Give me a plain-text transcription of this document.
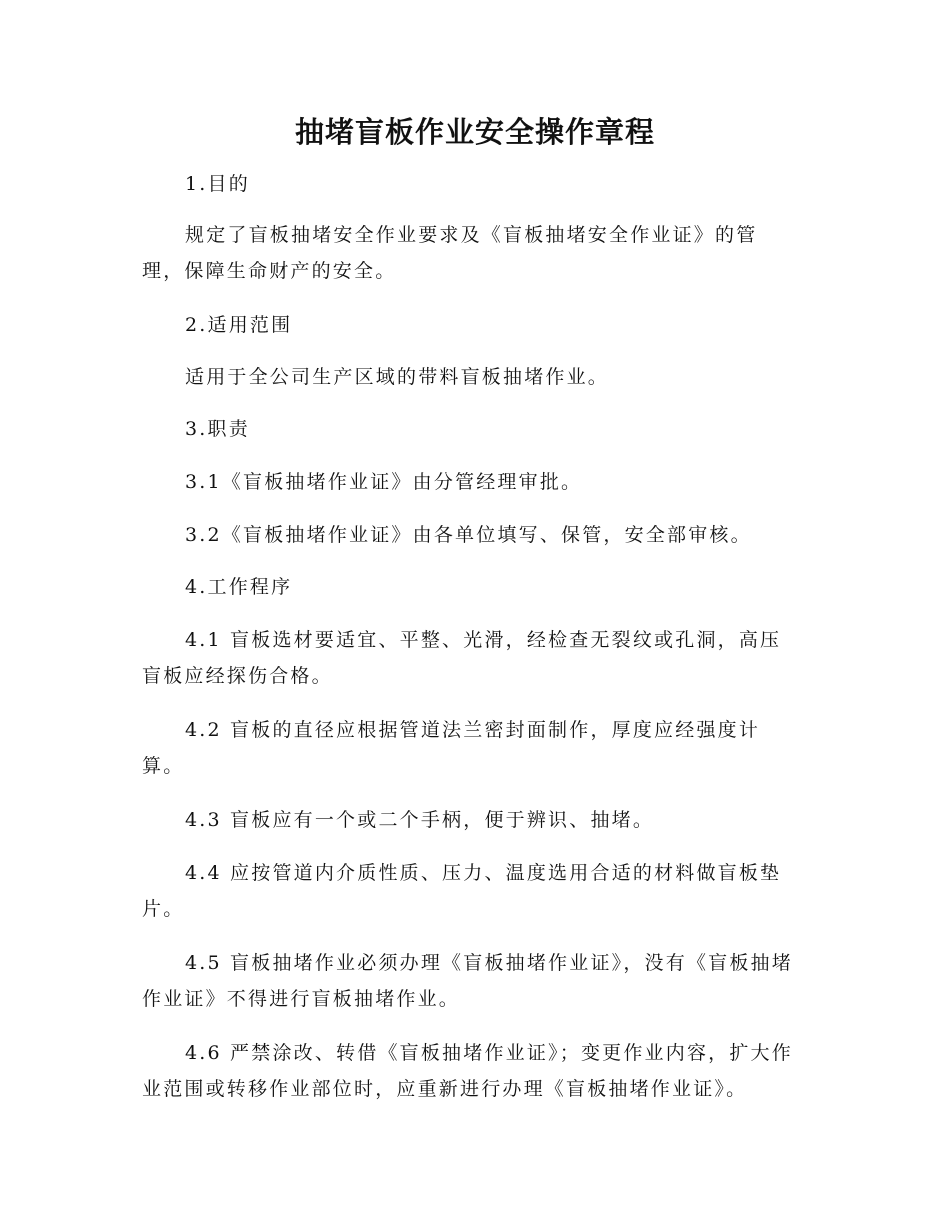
抽堵盲板作业安全操作章程
1.目的
规定了盲板抽堵安全作业要求及《盲板抽堵安全作业证》的管理，保障生命财产的安全。
2.适用范围
适用于全公司生产区域的带料盲板抽堵作业。
3.职责
3.1《盲板抽堵作业证》由分管经理审批。
3.2《盲板抽堵作业证》由各单位填写、保管，安全部审核。
4.工作程序
4.1 盲板选材要适宜、平整、光滑，经检查无裂纹或孔洞，高压盲板应经探伤合格。
4.2 盲板的直径应根据管道法兰密封面制作，厚度应经强度计算。
4.3 盲板应有一个或二个手柄，便于辨识、抽堵。
4.4 应按管道内介质性质、压力、温度选用合适的材料做盲板垫片。
4.5 盲板抽堵作业必须办理《盲板抽堵作业证》，没有《盲板抽堵作业证》不得进行盲板抽堵作业。
4.6 严禁涂改、转借《盲板抽堵作业证》；变更作业内容，扩大作业范围或转移作业部位时，应重新进行办理《盲板抽堵作业证》。
